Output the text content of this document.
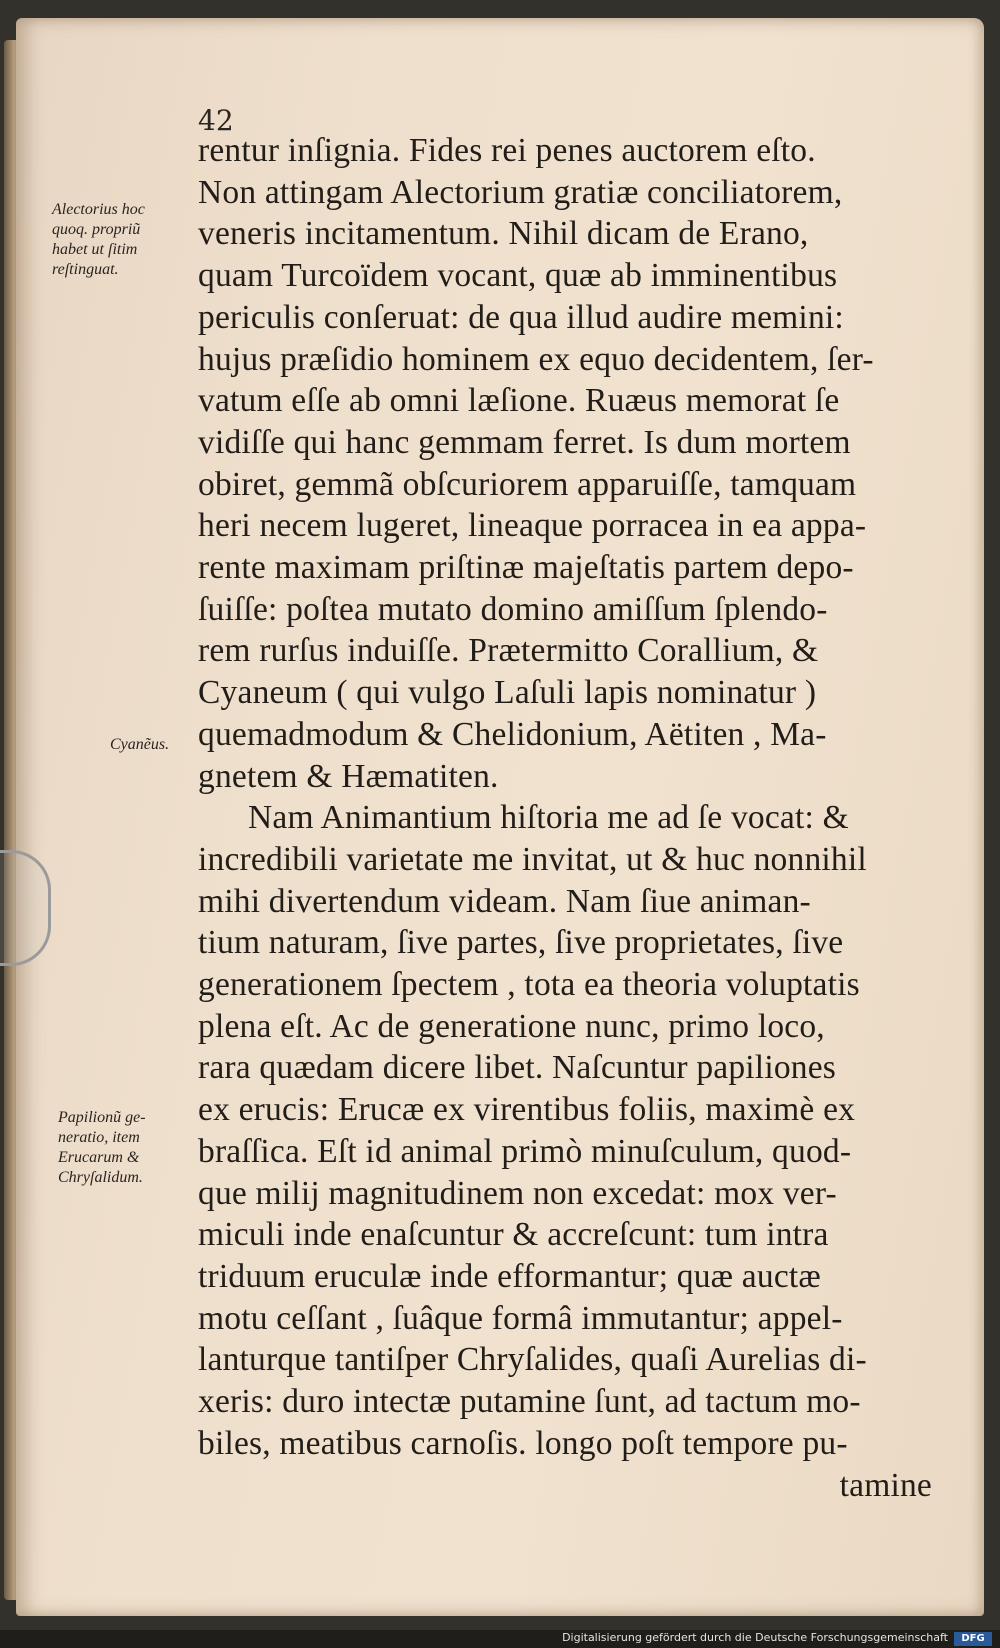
42

Alectorius hoc
quoq. propriũ
habet ut ſitim
reſtinguat.
Cyanẽus.
Papilionũ ge-
neratio, item
Erucarum &
Chryſalidum.
rentur inſignia. Fides rei penes auctorem eſto.
Non attingam Alectorium gratiæ conciliatorem,
veneris incitamentum. Nihil dicam de Erano,
quam Turcoïdem vocant, quæ ab imminentibus
periculis conſeruat: de qua illud audire memini:
hujus præſidio hominem ex equo decidentem, ſer-
vatum eſſe ab omni læſione. Ruæus memorat ſe
vidiſſe qui hanc gemmam ferret. Is dum mortem
obiret, gemmã obſcuriorem apparuiſſe, tamquam
heri necem lugeret, lineaque porracea in ea appa-
rente maximam priſtinæ majeſtatis partem depo-
ſuiſſe: poſtea mutato domino amiſſum ſplendo-
rem rurſus induiſſe. Prætermitto Corallium, &
Cyaneum ( qui vulgo Laſuli lapis nominatur )
quemadmodum & Chelidonium, Aëtiten , Ma-
gnetem & Hæmatiten.
Nam Animantium hiſtoria me ad ſe vocat: &
incredibili varietate me invitat, ut & huc nonnihil
mihi divertendum videam. Nam ſiue animan-
tium naturam, ſive partes, ſive proprietates, ſive
generationem ſpectem , tota ea theoria voluptatis
plena eſt. Ac de generatione nunc, primo loco,
rara quædam dicere libet. Naſcuntur papiliones
ex erucis: Erucæ ex virentibus foliis, maximè ex
braſſica. Eſt id animal primò minuſculum, quod-
que milij magnitudinem non excedat: mox ver-
miculi inde enaſcuntur & accreſcunt: tum intra
triduum eruculæ inde efformantur; quæ auctæ
motu ceſſant , ſuâque formâ immutantur; appel-
lanturque tantiſper Chryſalides, quaſi Aurelias di-
xeris: duro intectæ putamine ſunt, ad tactum mo-
biles, meatibus carnoſis. longo poſt tempore pu-
tamine

Digitalisierung gefördert durch die Deutsche Forschungsgemeinschaft	DFG
